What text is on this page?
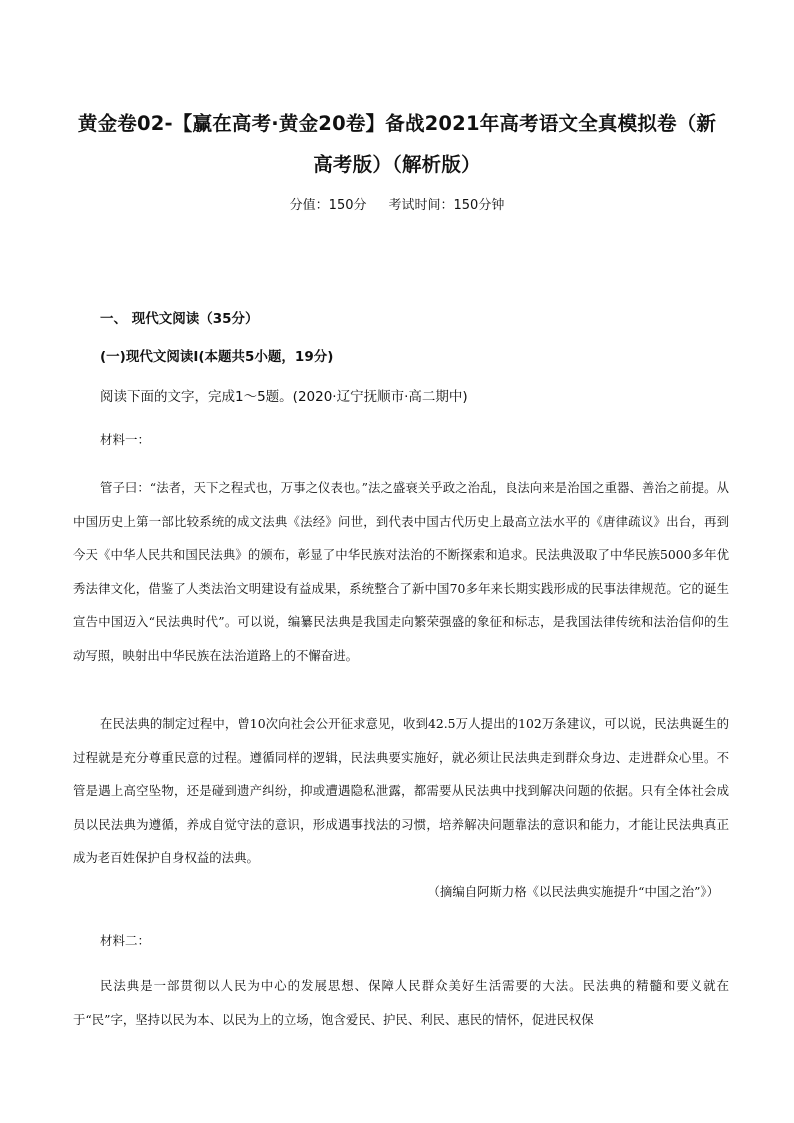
黄金卷02-【赢在高考·黄金20卷】备战2021年高考语文全真模拟卷（新
高考版）（解析版）
分值：150分 考试时间：150分钟
一、 现代文阅读（35分）
(一)现代文阅读Ⅰ(本题共5小题，19分)
阅读下面的文字，完成1～5题。(2020·辽宁抚顺市·高二期中)
材料一：

管子曰：“法者，天下之程式也，万事之仪表也。”法之盛衰关乎政之治乱，良法向来是治国之重器、善治之前提。从中国历史上第一部比较系统的成文法典《法经》问世，到代表中国古代历史上最高立法水平的《唐律疏议》出台，再到今天《中华人民共和国民法典》的颁布，彰显了中华民族对法治的不断探索和追求。民法典汲取了中华民族5000多年优秀法律文化，借鉴了人类法治文明建设有益成果，系统整合了新中国70多年来长期实践形成的民事法律规范。它的诞生宣告中国迈入“民法典时代”。可以说，编纂民法典是我国走向繁荣强盛的象征和标志，是我国法律传统和法治信仰的生动写照，映射出中华民族在法治道路上的不懈奋进。

在民法典的制定过程中，曾10次向社会公开征求意见，收到42.5万人提出的102万条建议，可以说，民法典诞生的过程就是充分尊重民意的过程。遵循同样的逻辑，民法典要实施好，就必须让民法典走到群众身边、走进群众心里。不管是遇上高空坠物，还是碰到遗产纠纷，抑或遭遇隐私泄露，都需要从民法典中找到解决问题的依据。只有全体社会成员以民法典为遵循，养成自觉守法的意识，形成遇事找法的习惯，培养解决问题靠法的意识和能力，才能让民法典真正成为老百姓保护自身权益的法典。

（摘编自阿斯力格《以民法典实施提升“中国之治”》）
材料二：

民法典是一部贯彻以人民为中心的发展思想、保障人民群众美好生活需要的大法。民法典的精髓和要义就在于“民”字，坚持以民为本、以民为上的立场，饱含爱民、护民、利民、惠民的情怀，促进民权保
